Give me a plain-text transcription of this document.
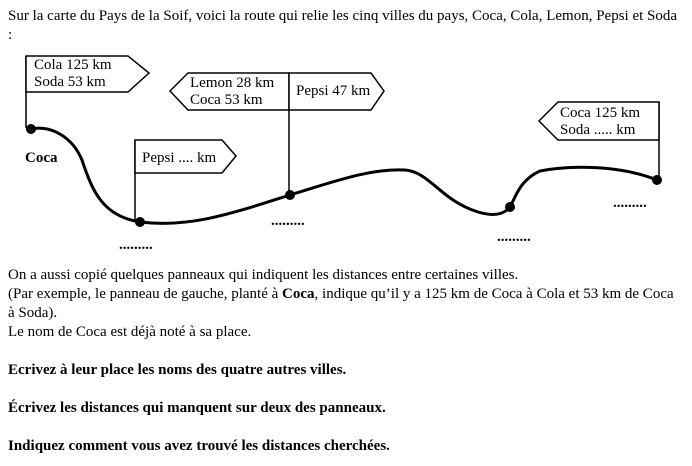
Sur la carte du Pays de la Soif, voici la route qui relie les cinq villes du pays, Coca, Cola, Lemon, Pepsi et Soda :
Coca
.........
.........
.........
.........
Cola 125 km
Soda 53 km
Pepsi .... km
Lemon 28 km
Coca 53 km
Pepsi 47 km
Coca 125 km
Soda ..... km
On a aussi copié quelques panneaux qui indiquent les distances entre certaines villes.
(Par exemple, le panneau de gauche, planté à Coca, indique qu’il y a 125 km de Coca à Cola et 53 km de Coca à Soda).
Le nom de Coca est déjà noté à sa place.
Ecrivez à leur place les noms des quatre autres villes.
Écrivez les distances qui manquent sur deux des panneaux.
Indiquez comment vous avez trouvé les distances cherchées.
